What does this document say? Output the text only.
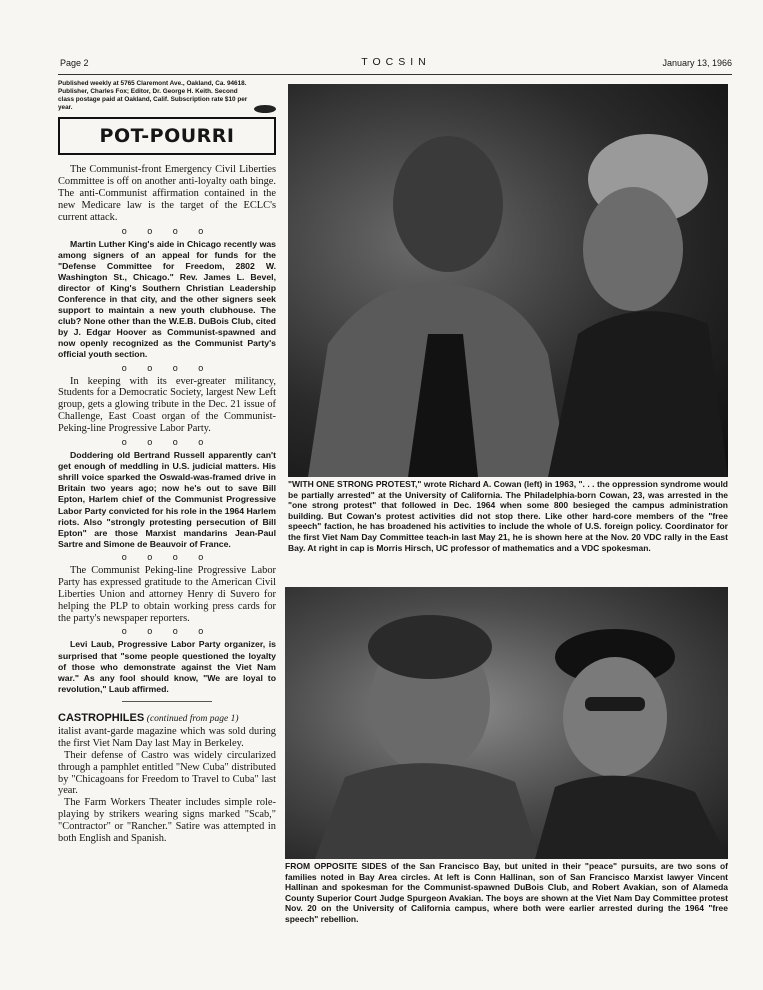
Page 2	TOCSIN	January 13, 1966

Published weekly at 5765 Claremont Ave., Oakland, Ca. 94618. Publisher, Charles Fox; Editor, Dr. George H. Keith. Second class postage paid at Oakland, Calif. Subscription rate $10 per year.

POT-POURRI

The Communist-front Emergency Civil Liberties Committee is off on another anti-loyalty oath binge. The anti-Communist affirmation contained in the new Medicare law is the target of the ECLC's current attack.

o o o o

Martin Luther King's aide in Chicago recently was among signers of an appeal for funds for the "Defense Committee for Freedom, 2802 W. Washington St., Chicago." Rev. James L. Bevel, director of King's Southern Christian Leadership Conference in that city, and the other signers seek support to maintain a new youth clubhouse. The club? None other than the W.E.B. DuBois Club, cited by J. Edgar Hoover as Communist-spawned and now openly recognized as the Communist Party's official youth section.

o o o o

In keeping with its ever-greater militancy, Students for a Democratic Society, largest New Left group, gets a glowing tribute in the Dec. 21 issue of Challenge, East Coast organ of the Communist-Peking-line Progressive Labor Party.

o o o o

Doddering old Bertrand Russell apparently can't get enough of meddling in U.S. judicial matters. His shrill voice sparked the Oswald-was-framed drive in Britain two years ago; now he's out to save Bill Epton, Harlem chief of the Communist Progressive Labor Party convicted for his role in the 1964 Harlem riots. Also "strongly protesting persecution of Bill Epton" are those Marxist mandarins Jean-Paul Sartre and Simone de Beauvoir of France.

o o o o

The Communist Peking-line Progressive Labor Party has expressed gratitude to the American Civil Liberties Union and attorney Henry di Suvero for helping the PLP to obtain working press cards for the party's newspaper reporters.

o o o o

Levi Laub, Progressive Labor Party organizer, is surprised that "some people questioned the loyalty of those who demonstrate against the Viet Nam war." As any fool should know, "We are loyal to revolution," Laub affirmed.

CASTROPHILES (continued from page 1)

italist avant-garde magazine which was sold during the first Viet Nam Day last May in Berkeley.

Their defense of Castro was widely circularized through a pamphlet entitled "New Cuba" distributed by "Chicagoans for Freedom to Travel to Cuba" last year.

The Farm Workers Theater includes simple role-playing by strikers wearing signs marked "Scab," "Contractor" or "Rancher." Satire was attempted in both English and Spanish.

"WITH ONE STRONG PROTEST," wrote Richard A. Cowan (left) in 1963, ". . . the oppression syndrome would be partially arrested" at the University of California. The Philadelphia-born Cowan, 23, was arrested in the "one strong protest" that followed in Dec. 1964 when some 800 besieged the campus administration building. But Cowan's protest activities did not stop there. Like other hard-core members of the "free speech" faction, he has broadened his activities to include the whole of U.S. foreign policy. Coordinator for the first Viet Nam Day Committee teach-in last May 21, he is shown here at the Nov. 20 VDC rally in the East Bay. At right in cap is Morris Hirsch, UC professor of mathematics and a VDC spokesman.

FROM OPPOSITE SIDES of the San Francisco Bay, but united in their "peace" pursuits, are two sons of families noted in Bay Area circles. At left is Conn Hallinan, son of San Francisco Marxist lawyer Vincent Hallinan and spokesman for the Communist-spawned DuBois Club, and Robert Avakian, son of Alameda County Superior Court Judge Spurgeon Avakian. The boys are shown at the Viet Nam Day Committee protest Nov. 20 on the University of California campus, where both were earlier arrested during the 1964 "free speech" rebellion.
